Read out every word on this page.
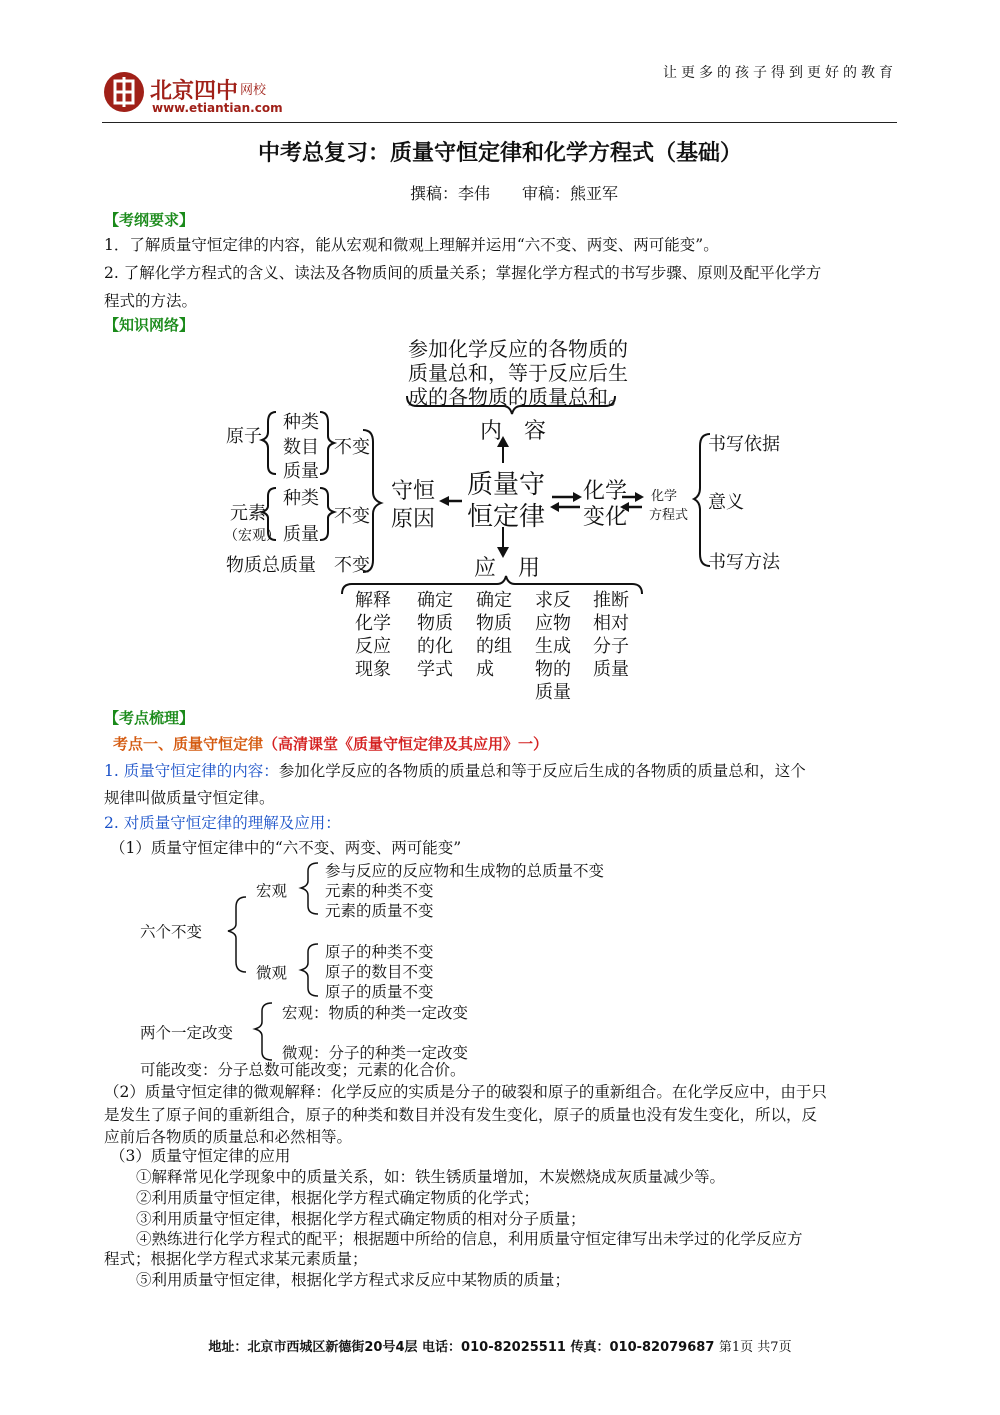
北京四中 网校
www.etiantian.com
让更多的孩子得到更好的教育
中考总复习：质量守恒定律和化学方程式（基础）
撰稿：李伟　　审稿：熊亚军
【考纲要求】
1．了解质量守恒定律的内容，能从宏观和微观上理解并运用“六不变、两变、两可能变”。
2. 了解化学方程式的含义、读法及各物质间的质量关系；掌握化学方程式的书写步骤、原则及配平化学方
程式的方法。
【知识网络】
参加化学反应的各物质的
质量总和，等于反应后生
成的各物质的质量总和。
内　容
原子
种类
数目
质量
不变
元素
（宏观）
种类
质量
不变
物质总质量 不变
守恒
原因
质量守
恒定律
化学
变化
化学
方程式
书写依据
意义
书写方法
应　用
解释
化学
反应
现象
确定
物质
的化
学式
确定
物质
的组
成
求反
应物
生成
物的
质量
推断
相对
分子
质量
【考点梳理】
考点一、质量守恒定律（高清课堂《质量守恒定律及其应用》一）
1. 质量守恒定律的内容：参加化学反应的各物质的质量总和等于反应后生成的各物质的质量总和，这个
规律叫做质量守恒定律。
2. 对质量守恒定律的理解及应用：
（1）质量守恒定律中的“六不变、两变、两可能变”
六个不变
宏观
参与反应的反应物和生成物的总质量不变
元素的种类不变
元素的质量不变
微观
原子的种类不变
原子的数目不变
原子的质量不变
两个一定改变
宏观：物质的种类一定改变
微观：分子的种类一定改变
可能改变：分子总数可能改变；元素的化合价。
（2）质量守恒定律的微观解释：化学反应的实质是分子的破裂和原子的重新组合。在化学反应中，由于只
是发生了原子间的重新组合，原子的种类和数目并没有发生变化，原子的质量也没有发生变化，所以，反
应前后各物质的质量总和必然相等。
（3）质量守恒定律的应用
①解释常见化学现象中的质量关系，如：铁生锈质量增加，木炭燃烧成灰质量减少等。
②利用质量守恒定律，根据化学方程式确定物质的化学式；
③利用质量守恒定律，根据化学方程式确定物质的相对分子质量；
④熟练进行化学方程式的配平；根据题中所给的信息，利用质量守恒定律写出未学过的化学反应方
程式；根据化学方程式求某元素质量；
⑤利用质量守恒定律，根据化学方程式求反应中某物质的质量；
地址：北京市西城区新德街20号4层 电话：010-82025511 传真：010-82079687 第1页 共7页
